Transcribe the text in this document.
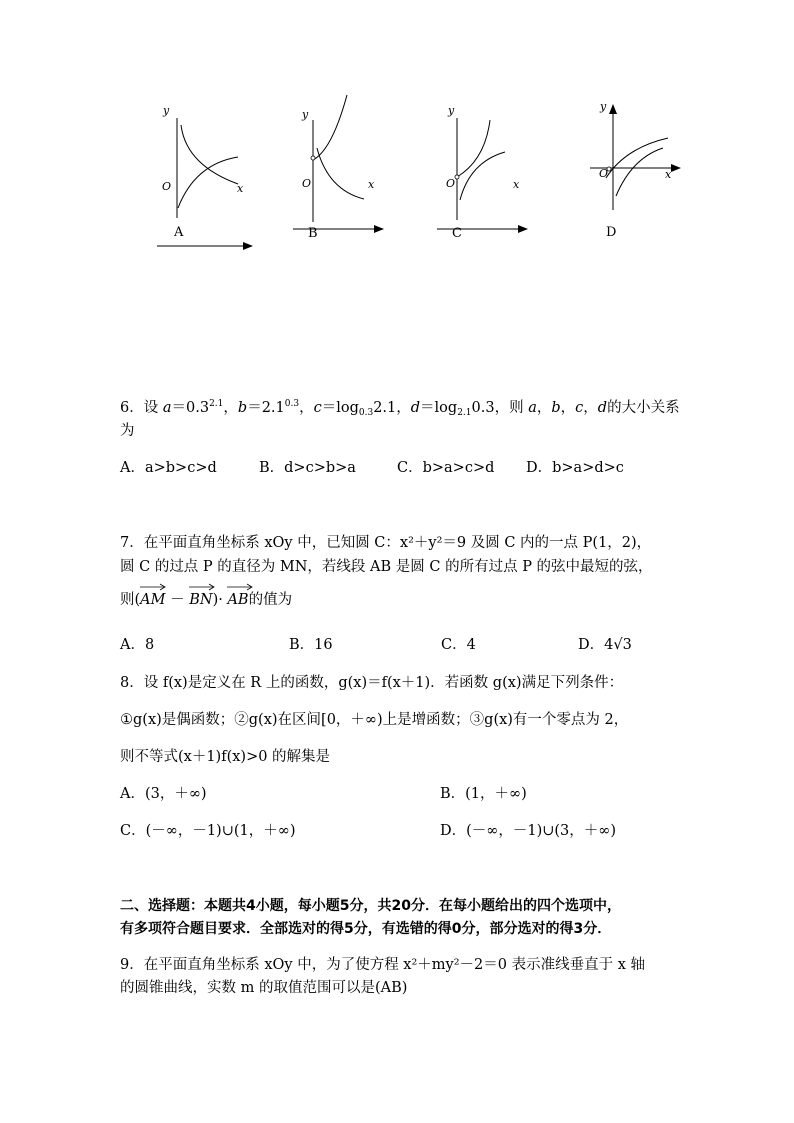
y
O	x
A
y
O	x
B
y
O	x
C
y
O	x
D
6．设 $a=0.3^{2.1}$，$b=2.1^{0.3}$，$c=\log_{0.3}2.1$，$d=\log_{2.1}0.3$，则 a，b，c，d的大小关系
为
A．a>b>c>d	B．d>c>b>a	C．b>a>c>d D．b>a>d>c
7．在平面直角坐标系 xOy 中，已知圆 C：x²＋y²＝9 及圆 C 内的一点 P(1，2)，
圆 C 的过点 P 的直径为 MN，若线段 AB 是圆 C 的所有过点 P 的弦中最短的弦，
则(
AM － BN)· AB的值为
A．8	B．16	C．4	D．4√3
8．设 f(x)是定义在 R 上的函数，g(x)＝f(x＋1)．若函数 g(x)满足下列条件：
①g(x)是偶函数；②g(x)在区间[0，＋∞)上是增函数；③g(x)有一个零点为 2，
则不等式(x＋1)f(x)>0 的解集是
A．(3，＋∞)	B．(1，＋∞)
C．(－∞，－1)∪(1，＋∞)	D．(－∞，－1)∪(3，＋∞)
二、选择题：本题共4小题，每小题5分，共20分．在每小题给出的四个选项中，
有多项符合题目要求．全部选对的得5分，有选错的得0分，部分选对的得3分．
9．在平面直角坐标系 xOy 中，为了使方程 x²＋my²－2＝0 表示准线垂直于 x 轴
的圆锥曲线，实数 m 的取值范围可以是(AB)
